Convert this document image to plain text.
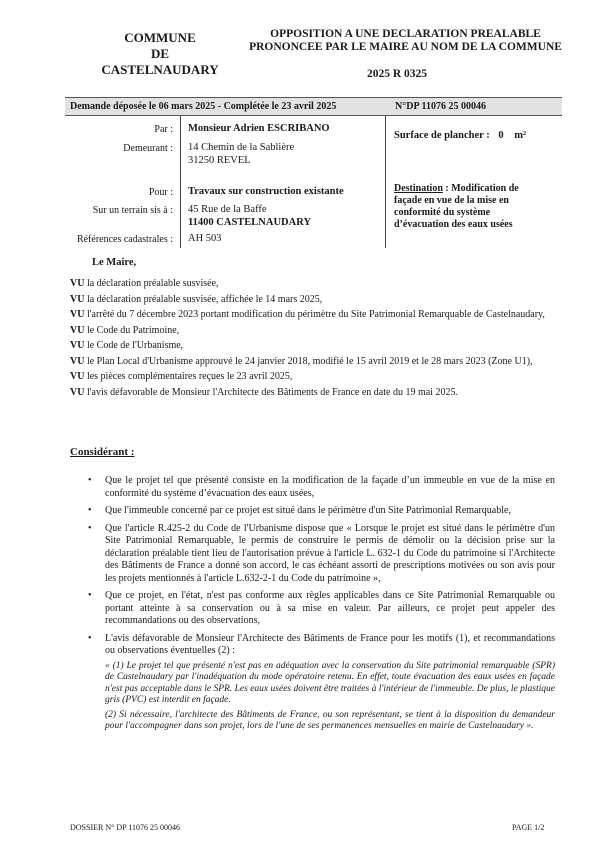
COMMUNE
DE
CASTELNAUDARY
OPPOSITION A UNE DECLARATION PREALABLE
PRONONCEE PAR LE MAIRE AU NOM DE LA COMMUNE
2025 R 0325
Demande déposée le 06 mars 2025 - Complétée le 23 avril 2025	N°DP 11076 25 00046
Par : Monsieur Adrien ESCRIBANO
Demeurant : 14 Chemin de la Sablière
31250 REVEL
Surface de plancher : 0 m²
Pour : Travaux sur construction existante
Sur un terrain sis à : 45 Rue de la Baffe
11400 CASTELNAUDARY
Références cadastrales : AH 503
Destination : Modification de façade en vue de la mise en conformité du système d’évacuation des eaux usées
Le Maire,
VU la déclaration préalable susvisée,
VU la déclaration préalable susvisée, affichée le 14 mars 2025,
VU l'arrêté du 7 décembre 2023 portant modification du périmètre du Site Patrimonial Remarquable de Castelnaudary,
VU le Code du Patrimoine,
VU le Code de l'Urbanisme,
VU le Plan Local d'Urbanisme approuvé le 24 janvier 2018, modifié le 15 avril 2019 et le 28 mars 2023 (Zone U1),
VU les pièces complémentaires reçues le 23 avril 2025,
VU l'avis défavorable de Monsieur l'Architecte des Bâtiments de France en date du 19 mai 2025.
Considérant :
•	Que le projet tel que présenté consiste en la modification de la façade d’un immeuble en vue de la mise en conformité du système d’évacuation des eaux usées,
•	Que l'immeuble concerné par ce projet est situé dans le périmètre d'un Site Patrimonial Remarquable,
•	Que l'article R.425-2 du Code de l'Urbanisme dispose que « Lorsque le projet est situé dans le périmètre d'un Site Patrimonial Remarquable, le permis de construire le permis de démolir ou la décision prise sur la déclaration préalable tient lieu de l'autorisation prévue à l'article L. 632-1 du Code du patrimoine si l'Architecte des Bâtiments de France a donné son accord, le cas échéant assorti de prescriptions motivées ou son avis pour les projets mentionnés à l'article L.632-2-1 du Code du patrimoine »,
•	Que ce projet, en l'état, n'est pas conforme aux règles applicables dans ce Site Patrimonial Remarquable ou portant atteinte à sa conservation ou à sa mise en valeur. Par ailleurs, ce projet peut appeler des recommandations ou des observations,
•	L'avis défavorable de Monsieur l'Architecte des Bâtiments de France pour les motifs (1), et recommandations ou observations éventuelles (2) :
« (1) Le projet tel que présenté n'est pas en adéquation avec la conservation du Site patrimonial remarquable (SPR) de Castelnaudary par l'inadéquation du mode opératoire retenu. En effet, toute évacuation des eaux usées en façade n'est pas acceptable dans le SPR. Les eaux usées doivent être traitées à l'intérieur de l'immeuble. De plus, le plastique gris (PVC) est interdit en façade.
(2) Si nécessaire, l'architecte des Bâtiments de France, ou son représentant, se tient à la disposition du demandeur pour l'accompagner dans son projet, lors de l'une de ses permanences mensuelles en mairie de Castelnaudary ».
DOSSIER N° DP 11076 25 00046	PAGE 1/2
